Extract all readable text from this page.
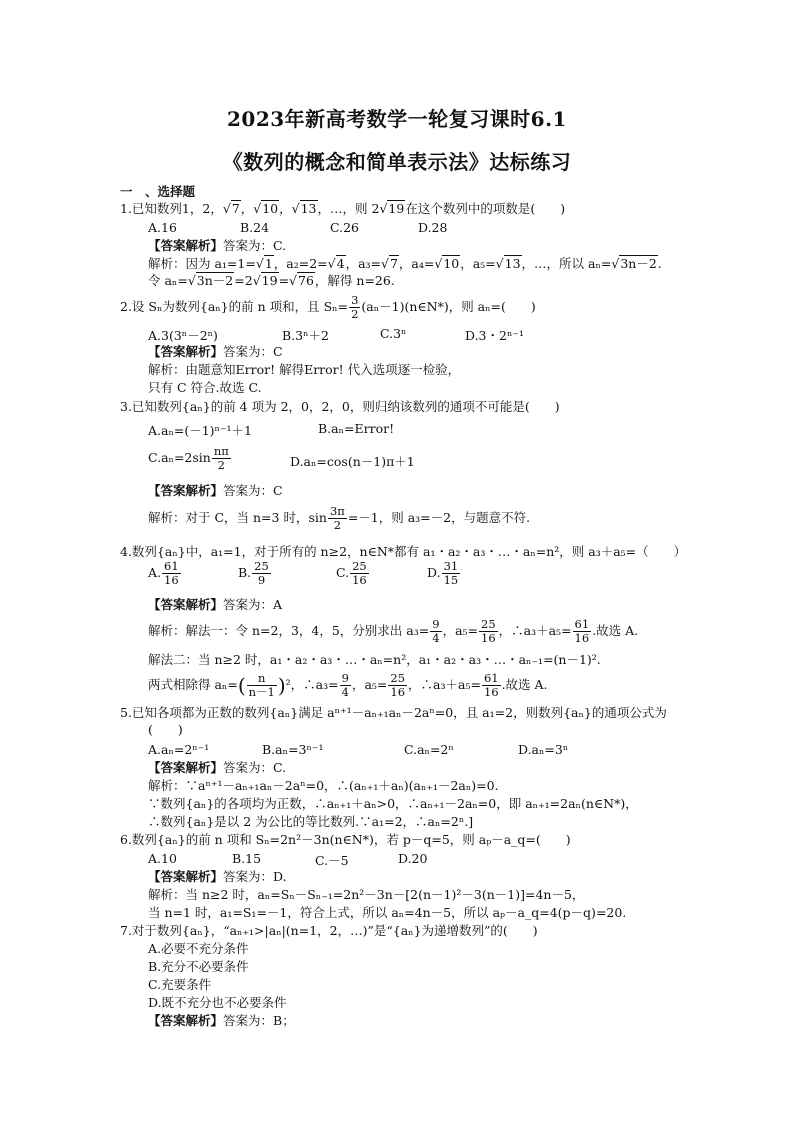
2023年新高考数学一轮复习课时6.1
《数列的概念和简单表示法》达标练习
一　、选择题
1.已知数列1，2，√7，√10，√13，…，则 2√19在这个数列中的项数是(　　)
A.16	B.24	C.26	D.28
【答案解析】答案为：C.
解析：因为 a₁=1=√1，a₂=2=√4，a₃=√7，a₄=√10，a₅=√13，…，所以 aₙ=√3n－2.
令 aₙ=√3n－2=2√19=√76，解得 n=26.
2.设 Sₙ为数列{aₙ}的前 n 项和，且 $S_n= \frac{3}{2}$ (aₙ－1)(n∈N*)，则 aₙ=(　　)
A.3(3ⁿ－2ⁿ)	B.3ⁿ＋2	C.3ⁿ	D.3・2ⁿ⁻¹
【答案解析】答案为：C
解析：由题意知Error! 解得Error! 代入选项逐一检验，
只有 C 符合.故选 C.
3.已知数列{aₙ}的前 4 项为 2，0，2，0，则归纳该数列的通项不可能是(　　)
A.aₙ=(－1)ⁿ⁻¹＋1	B.aₙ=Error!
$C.a_n=2\sin \frac{n\pi}{2}$	D.aₙ=cos(n－1)π＋1
【答案解析】答案为：C
解析：对于 C，当 n=3 时，$\sin \frac{3\pi}{2} =-1$，则 a₃=－2，与题意不符.
4.数列{aₙ}中，a₁=1，对于所有的 n≥2，n∈N*都有 a₁・a₂・a₃・…・aₙ=n²，则 a₃＋a₅=（　　）
A. $\frac{61}{16}$	B. $\frac{25}{9}$	C. $\frac{25}{16}$	D. $\frac{31}{15}$
【答案解析】答案为：A
解析：解法一：令 n=2，3，4，5，分别求出 $a_3= \frac{9}{4}$ ，$a_5= \frac{25}{16}$ ，∴a₃＋a₅= $\frac{61}{16}$ .故选 A.
解法二：当 n≥2 时，a₁・a₂・a₃・…・aₙ=n²，a₁・a₂・a₃・…・aₙ₋₁=(n－1)².
两式相除得 $a_n=( \frac{n}{n-1} )^2$，∴a₃= $\frac{9}{4}$ ，$a_5= \frac{25}{16}$ ，∴a₃＋a₅= $\frac{61}{16}$ .故选 A.
5.已知各项都为正数的数列{aₙ}满足 aⁿ⁺¹－aₙ₊₁aₙ－2aⁿ=0，且 a₁=2，则数列{aₙ}的通项公式为
(　　)
A.aₙ=2ⁿ⁻¹	B.aₙ=3ⁿ⁻¹	C.aₙ=2ⁿ	D.aₙ=3ⁿ
【答案解析】答案为：C.
解析：∵aⁿ⁺¹－aₙ₊₁aₙ－2aⁿ=0，∴(aₙ₊₁＋aₙ)(aₙ₊₁－2aₙ)=0.
∵数列{aₙ}的各项均为正数，∴aₙ₊₁＋aₙ>0，∴aₙ₊₁－2aₙ=0，即 aₙ₊₁=2aₙ(n∈N*)，
∴数列{aₙ}是以 2 为公比的等比数列.∵a₁=2，∴aₙ=2ⁿ.]
6.数列{aₙ}的前 n 项和 Sₙ=2n²－3n(n∈N*)，若 p－q=5，则 aₚ－a_q=(　　)
A.10	B.15	C.－5	D.20
【答案解析】答案为：D.
解析：当 n≥2 时，aₙ=Sₙ－Sₙ₋₁=2n²－3n－[2(n－1)²－3(n－1)]=4n－5，
当 n=1 时，a₁=S₁=－1，符合上式，所以 aₙ=4n－5，所以 aₚ－a_q=4(p－q)=20.
7.对于数列{aₙ}，“aₙ₊₁>|aₙ|(n=1，2，…)”是“{aₙ}为递增数列”的(　　)
A.必要不充分条件
B.充分不必要条件
C.充要条件
D.既不充分也不必要条件
【答案解析】答案为：B；
